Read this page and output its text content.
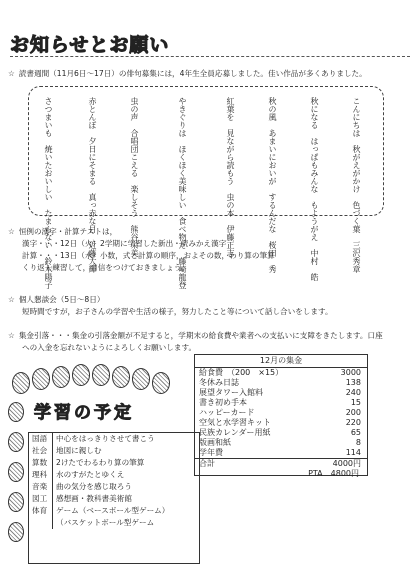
お知らせとお願い
☆ 読書週間（11月6日～17日）の俳句募集には，4年生全員応募しました。佳い作品が多くありました。
こんにちは　秋がえがかけ　色づく葉　三沢秀章
秋になる　はっぱもみんな　もようがえ　中村　皓
秋の風　あまいにおいが　するんだな　桜田　秀
紅葉を　見ながら読もう　虫の本　伊藤正志
やきぐりは　ほくほく美味しい　食べ物だ　藤崎龍登
虫の声　合唱団こえる　楽しそう　熊谷栄美
赤とんぼ　夕日にそまる　真っ赤な目　近藤大輝
さつまいも　焼いたおいしい　たまらない　鈴木陽子
☆ 恒例の漢字・計算テストは，
漢字・・・12日（火）2学期に学習した新出・読みかえ漢字
計算・・・13日（水）小数，式と計算の順序，およその数，わり算の筆算
くり返し練習して，自信をつけておきましょう。
☆ 個人懇談会（5日～8日）
短時間ですが，お子さんの学習や生活の様子，努力したこと等について話し合いをします。
☆ 集金引落・・・集金の引落金額が不足すると，学期末の給食費や業者への支払いに支障をきたします。口座
への入金を忘れないようによろしくお願いします。
12月の集金
給食費　（200　×15）	3000
冬休み日誌	138
展望タワー入館料	240
書き初め手本	15
ハッピーカード	200
空気と水学習キット	220
民族カレンダー用紙	65
版画和紙	8
学年費	114
合計	4000円
PTA　 4800円
学習の予定
国語	中心をはっきりさせて書こう
社会	地図に親しむ
算数	2けたでわるわり算の筆算
理科	水のすがたとゆくえ
音楽	曲の気分を感じ取ろう
図工	感想画・教科書美術館
体育	ゲーム（ベースボール型ゲーム）
（バスケットボール型ゲーム
